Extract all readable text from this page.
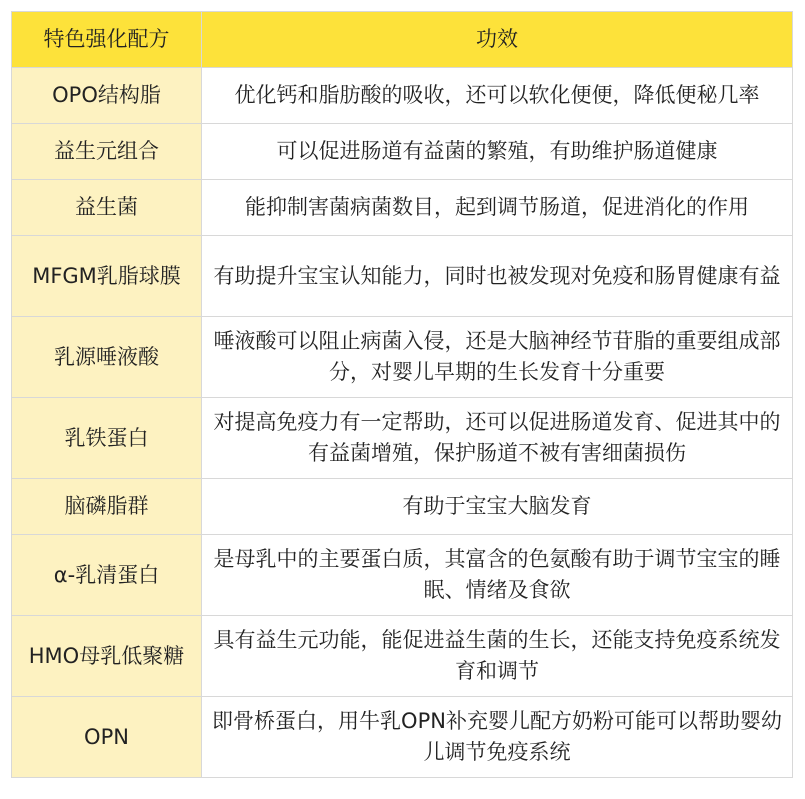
特色强化配方	功效
OPO结构脂	优化钙和脂肪酸的吸收，还可以软化便便，降低便秘几率
益生元组合	可以促进肠道有益菌的繁殖，有助维护肠道健康
益生菌	能抑制害菌病菌数目，起到调节肠道，促进消化的作用
MFGM乳脂球膜	有助提升宝宝认知能力，同时也被发现对免疫和肠胃健康有益
乳源唾液酸	唾液酸可以阻止病菌入侵，还是大脑神经节苷脂的重要组成部分，对婴儿早期的生长发育十分重要
乳铁蛋白	对提高免疫力有一定帮助，还可以促进肠道发育、促进其中的有益菌增殖，保护肠道不被有害细菌损伤
脑磷脂群	有助于宝宝大脑发育
α-乳清蛋白	是母乳中的主要蛋白质，其富含的色氨酸有助于调节宝宝的睡眠、情绪及食欲
HMO母乳低聚糖	具有益生元功能，能促进益生菌的生长，还能支持免疫系统发育和调节
OPN	即骨桥蛋白，用牛乳OPN补充婴儿配方奶粉可能可以帮助婴幼儿调节免疫系统
